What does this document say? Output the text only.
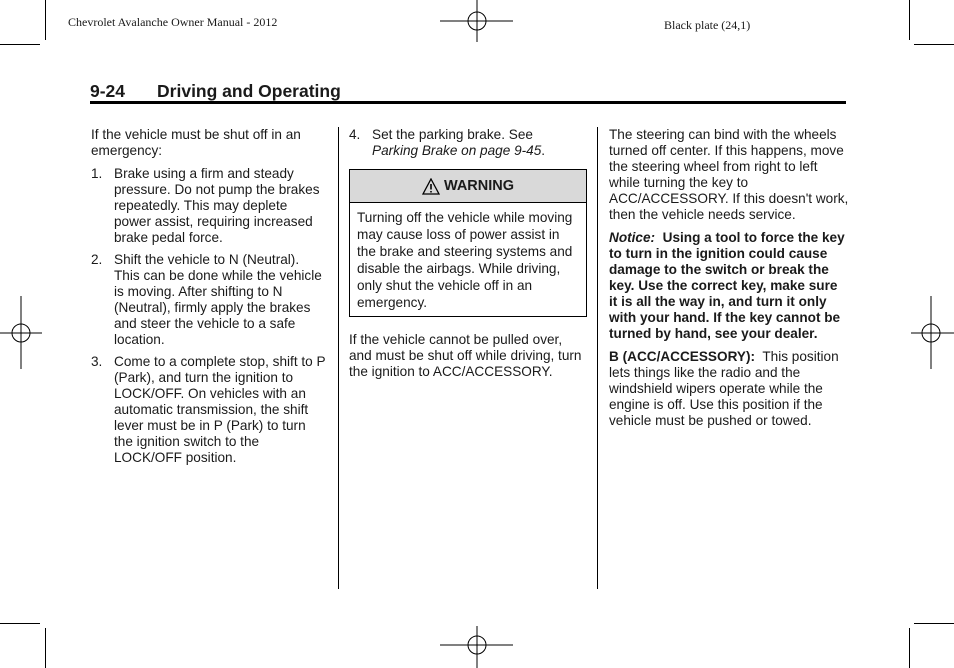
Chevrolet Avalanche Owner Manual - 2012	Black plate (24,1)
9-24 Driving and Operating

If the vehicle must be shut off in an emergency:

1. Brake using a firm and steady pressure. Do not pump the brakes repeatedly. This may deplete power assist, requiring increased brake pedal force.
2. Shift the vehicle to N (Neutral). This can be done while the vehicle is moving. After shifting to N (Neutral), firmly apply the brakes and steer the vehicle to a safe location.
3. Come to a complete stop, shift to P (Park), and turn the ignition to LOCK/OFF. On vehicles with an automatic transmission, the shift lever must be in P (Park) to turn the ignition switch to the LOCK/OFF position.
4. Set the parking brake. See
Parking Brake on page 9-45.
WARNING
Turning off the vehicle while moving may cause loss of power assist in the brake and steering systems and disable the airbags. While driving, only shut the vehicle off in an emergency.

If the vehicle cannot be pulled over, and must be shut off while driving, turn the ignition to ACC/ACCESSORY.

The steering can bind with the wheels turned off center. If this happens, move the steering wheel from right to left while turning the key to ACC/ACCESSORY. If this doesn't work, then the vehicle needs service.

Notice: Using a tool to force the key to turn in the ignition could cause damage to the switch or break the key. Use the correct key, make sure it is all the way in, and turn it only with your hand. If the key cannot be turned by hand, see your dealer.

B (ACC/ACCESSORY): This position lets things like the radio and the windshield wipers operate while the engine is off. Use this position if the vehicle must be pushed or towed.
